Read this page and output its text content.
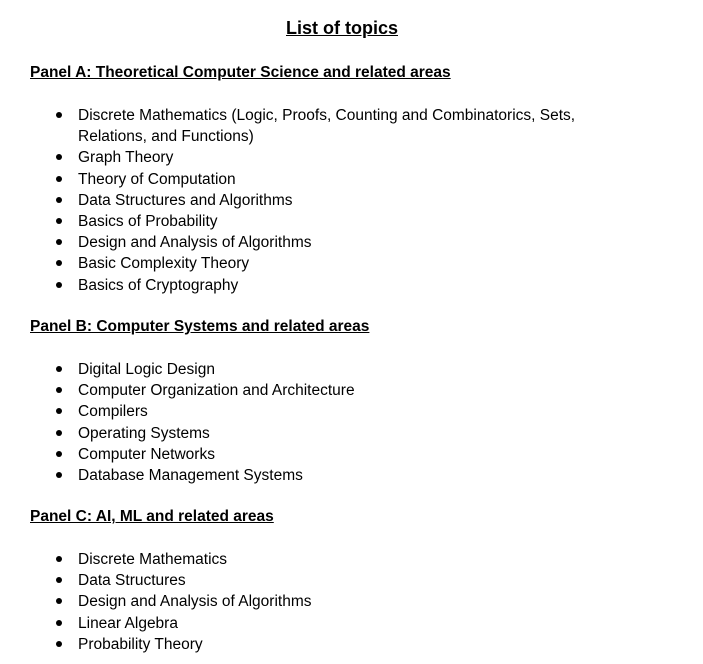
List of topics
Panel A: Theoretical Computer Science and related areas
Discrete Mathematics (Logic, Proofs, Counting and Combinatorics, Sets, Relations, and Functions)
Graph Theory
Theory of Computation
Data Structures and Algorithms
Basics of Probability
Design and Analysis of Algorithms
Basic Complexity Theory
Basics of Cryptography
Panel B: Computer Systems and related areas
Digital Logic Design
Computer Organization and Architecture
Compilers
Operating Systems
Computer Networks
Database Management Systems
Panel C: AI, ML and related areas
Discrete Mathematics
Data Structures
Design and Analysis of Algorithms
Linear Algebra
Probability Theory
